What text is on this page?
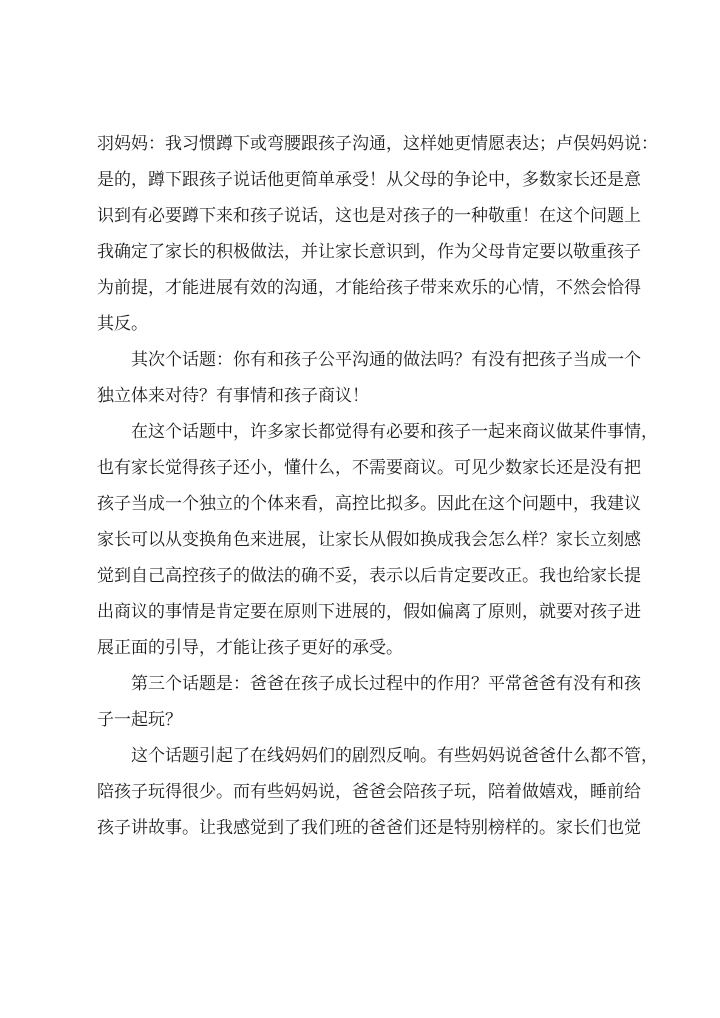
羽妈妈：我习惯蹲下或弯腰跟孩子沟通，这样她更情愿表达；卢俣妈妈说：
是的，蹲下跟孩子说话他更简单承受！从父母的争论中，多数家长还是意
识到有必要蹲下来和孩子说话，这也是对孩子的一种敬重！在这个问题上
我确定了家长的积极做法，并让家长意识到，作为父母肯定要以敬重孩子
为前提，才能进展有效的沟通，才能给孩子带来欢乐的心情，不然会恰得
其反。
其次个话题：你有和孩子公平沟通的做法吗？有没有把孩子当成一个
独立体来对待？有事情和孩子商议！
在这个话题中，许多家长都觉得有必要和孩子一起来商议做某件事情，
也有家长觉得孩子还小，懂什么，不需要商议。可见少数家长还是没有把
孩子当成一个独立的个体来看，高控比拟多。因此在这个问题中，我建议
家长可以从变换角色来进展，让家长从假如换成我会怎么样？家长立刻感
觉到自己高控孩子的做法的确不妥，表示以后肯定要改正。我也给家长提
出商议的事情是肯定要在原则下进展的，假如偏离了原则，就要对孩子进
展正面的引导，才能让孩子更好的承受。
第三个话题是：爸爸在孩子成长过程中的作用？平常爸爸有没有和孩
子一起玩？
这个话题引起了在线妈妈们的剧烈反响。有些妈妈说爸爸什么都不管，
陪孩子玩得很少。而有些妈妈说，爸爸会陪孩子玩，陪着做嬉戏，睡前给
孩子讲故事。让我感觉到了我们班的爸爸们还是特别榜样的。家长们也觉
